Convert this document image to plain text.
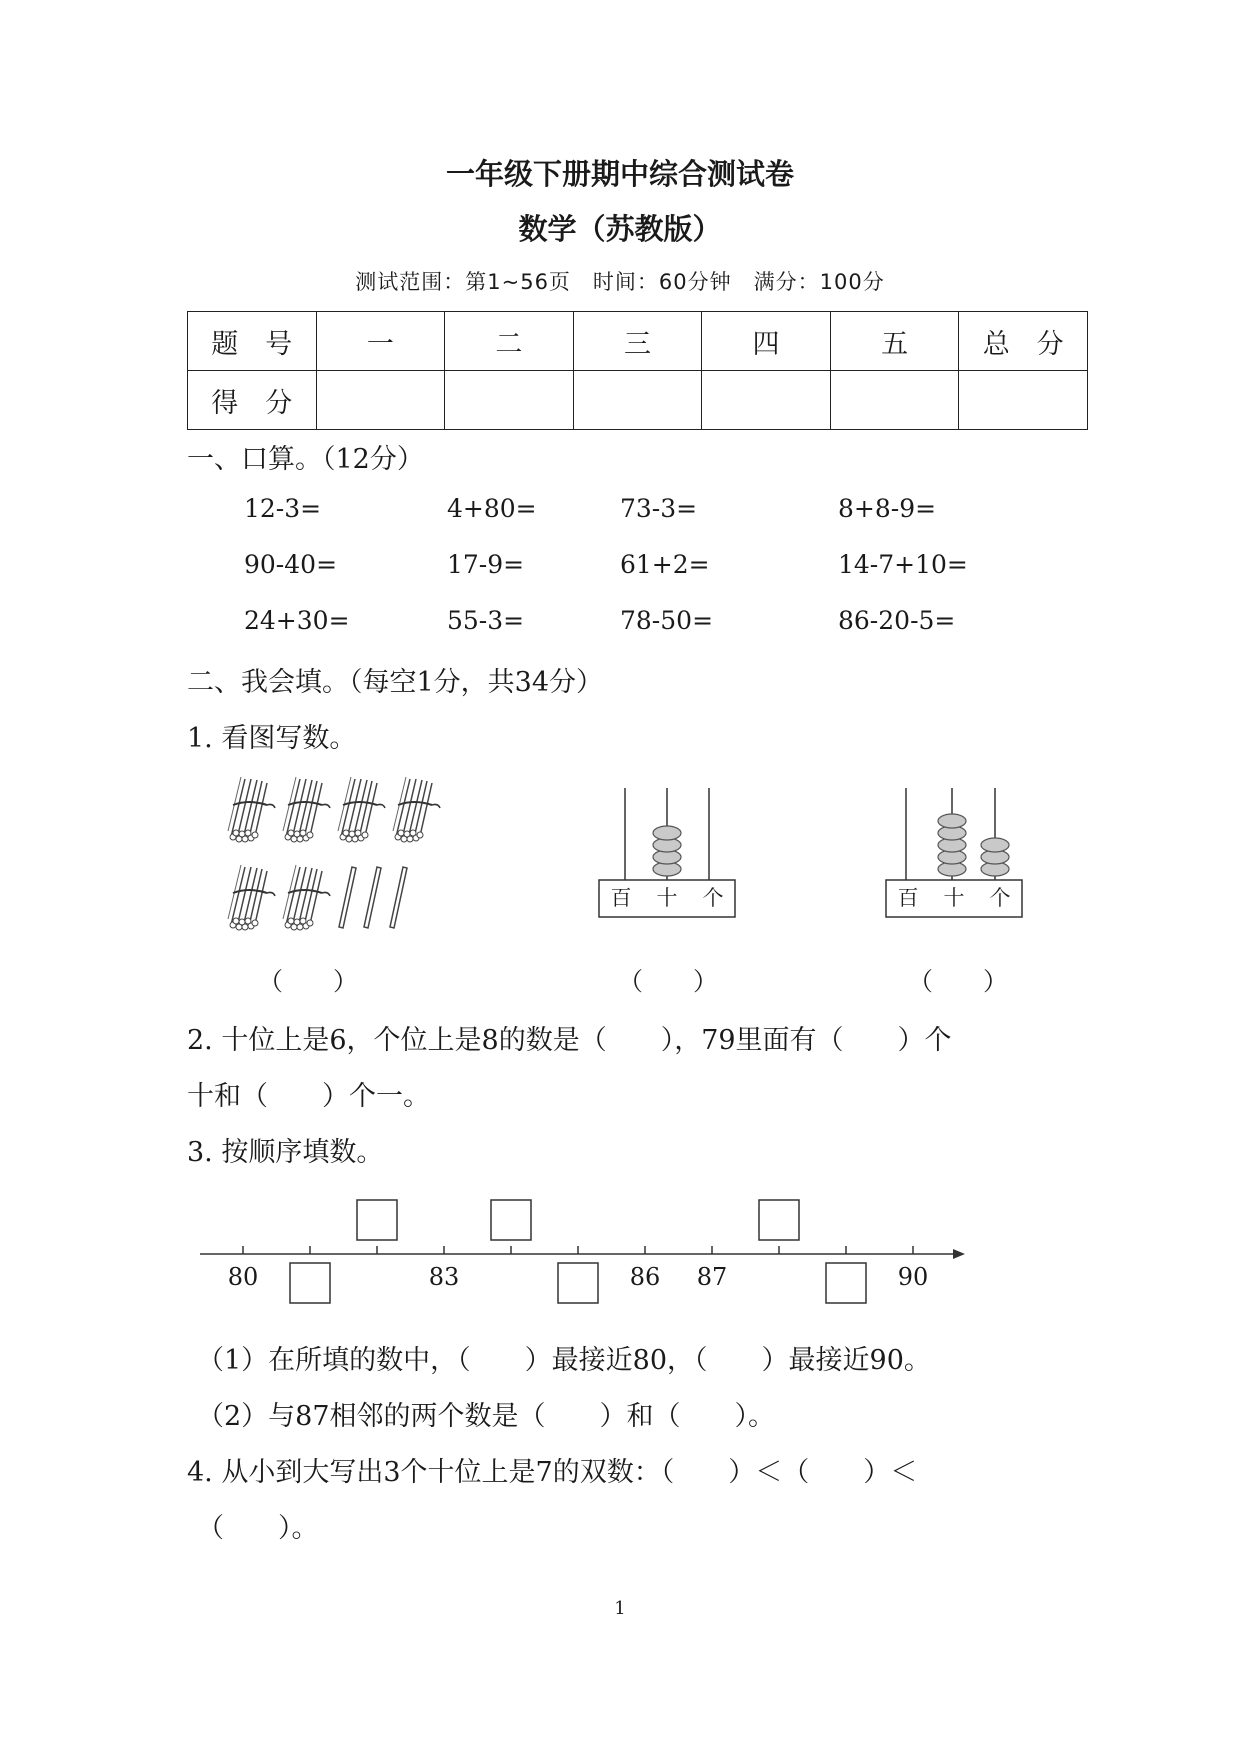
一年级下册期中综合测试卷
数学（苏教版）
测试范围：第1~56页　时间：60分钟　满分：100分
题　号	一	二	三	四	五	总　分
得　分						
一、口算。（12分）
12-3=	4+80=	73-3=	8+8-9=
90-40=	17-9=	61+2=	14-7+10=
24+30=	55-3=	78-50=	86-20-5=
二、我会填。（每空1分，共34分）
1. 看图写数。
百 十 个	百 十 个
（　　）	（　　）	（　　）
2. 十位上是6，个位上是8的数是（　　），79里面有（　　）个
十和（　　）个一。
3. 按顺序填数。
80	83	86 87	90
（1）在所填的数中，（　　）最接近80，（　　）最接近90。
（2）与87相邻的两个数是（　　）和（　　）。
4. 从小到大写出3个十位上是7的双数：（　　）＜（　　）＜
（　　）。
1
